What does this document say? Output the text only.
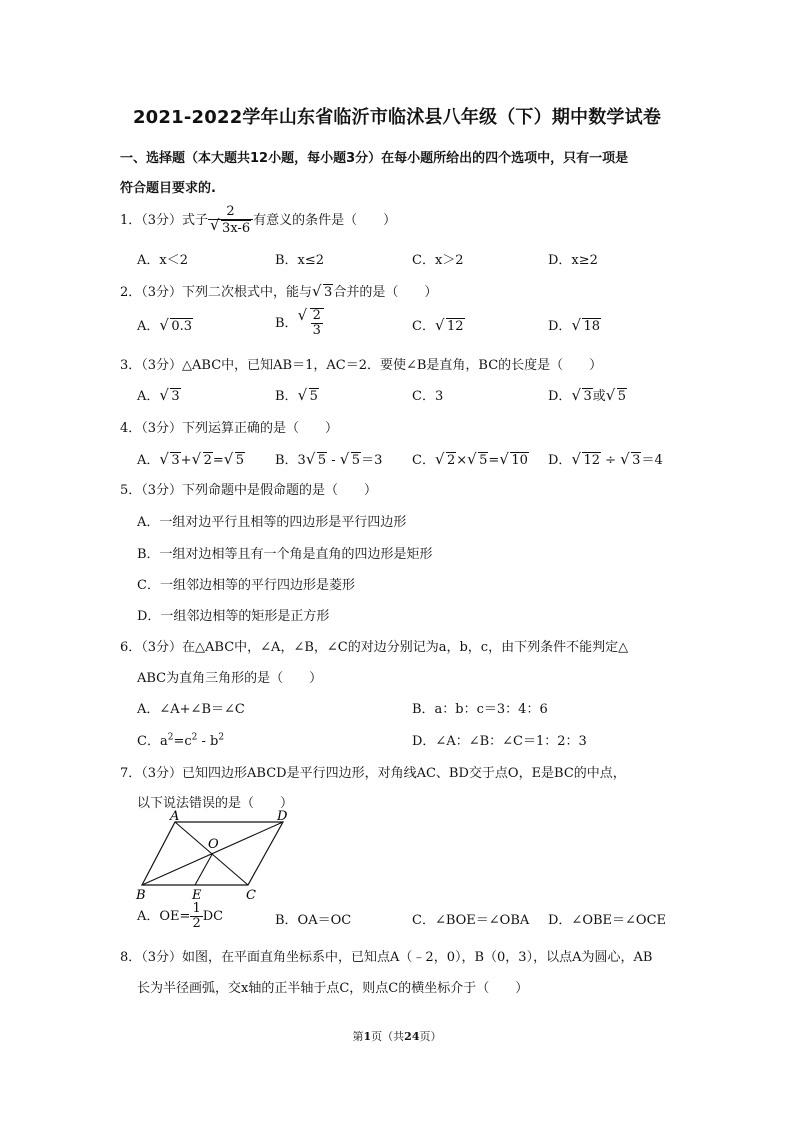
2021-2022学年山东省临沂市临沭县八年级（下）期中数学试卷
一、选择题（本大题共12小题，每小题3分）在每小题所给出的四个选项中，只有一项是
符合题目要求的.
1．（3分）式子 2
√ 3x-6 有意义的条件是（　　）
A．x＜2	B．x≤2	C．x＞2	D．x≥2
2．（3分）下列二次根式中，能与 √ 3合并的是（　　）
A． √ 0.3	B． √ $\frac{2}{3}$	C． √ 12	D． √ 18
3．（3分）△ABC中，已知AB＝1，AC＝2．要使∠B是直角，BC的长度是（　　）
A． √ 3	B． √ 5	C．3	D． √ 3或 √ 5
4．（3分）下列运算正确的是（　　）
A． √ 3+ √ 2= √ 5 B．3 √ 5 - √ 5＝3 C． √ 2× √ 5= √ 10 D． √ 12 ÷ √ 3＝4
5．（3分）下列命题中是假命题的是（　　）
A．一组对边平行且相等的四边形是平行四边形
B．一组对边相等且有一个角是直角的四边形是矩形
C．一组邻边相等的平行四边形是菱形
D．一组邻边相等的矩形是正方形
6．（3分）在△ABC中，∠A，∠B，∠C的对边分别记为a，b，c，由下列条件不能判定△
ABC为直角三角形的是（　　）
A．∠A+∠B＝∠C	B．a：b：c＝3：4：6
C．$a^2=c^2 - b^2$	D．∠A：∠B：∠C＝1：2：3
7．（3分）已知四边形ABCD是平行四边形，对角线AC、BD交于点O，E是BC的中点，
以下说法错误的是（　　）
A	D
O
B	E	C
A．$OE= \frac{1}{2}$ DC	B．OA＝OC	C．∠BOE＝∠OBA D．∠OBE＝∠OCE
8．（3分）如图，在平面直角坐标系中，已知点A（﹣2，0），B（0，3），以点A为圆心，AB
长为半径画弧，交x轴的正半轴于点C，则点C的横坐标介于（　　）
第1页（共24页）
